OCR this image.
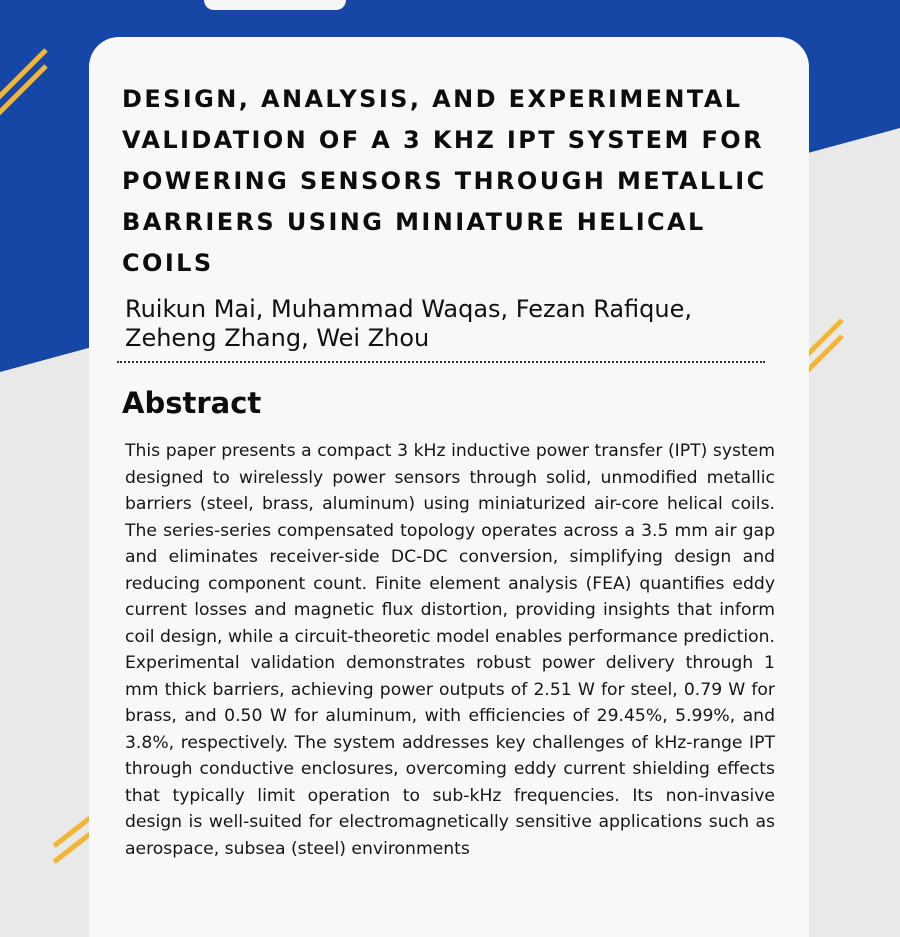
DESIGN, ANALYSIS, AND EXPERIMENTAL VALIDATION OF A 3 KHZ IPT SYSTEM FOR POWERING SENSORS THROUGH METALLIC BARRIERS USING MINIATURE HELICAL COILS

Ruikun Mai, Muhammad Waqas, Fezan Rafique, Zeheng Zhang, Wei Zhou

Abstract

This paper presents a compact 3 kHz inductive power transfer (IPT) system designed to wirelessly power sensors through solid, unmodified metallic barriers (steel, brass, aluminum) using miniaturized air-core helical coils. The series-series compensated topology operates across a 3.5 mm air gap and eliminates receiver-side DC-DC conversion, simplifying design and reducing component count. Finite element analysis (FEA) quantifies eddy current losses and magnetic flux distortion, providing insights that inform coil design, while a circuit-theoretic model enables performance prediction. Experimental validation demonstrates robust power delivery through 1 mm thick barriers, achieving power outputs of 2.51 W for steel, 0.79 W for brass, and 0.50 W for aluminum, with efficiencies of 29.45%, 5.99%, and 3.8%, respectively. The system addresses key challenges of kHz-range IPT through conductive enclosures, overcoming eddy current shielding effects that typically limit operation to sub-kHz frequencies. Its non-invasive design is well-suited for electromagnetically sensitive applications such as aerospace, subsea (steel) environments
